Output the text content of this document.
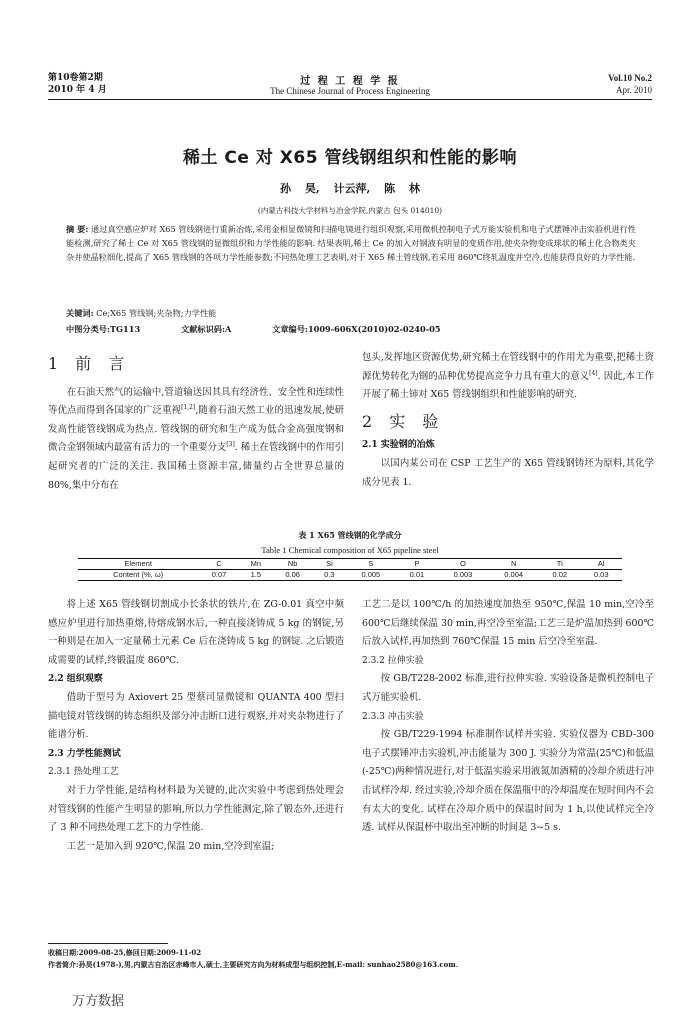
第10卷第2期
2010 年 4 月
过 程 工 程 学 报
The Chinese Journal of Process Engineering
Vol.10 No.2
Apr. 2010
稀土 Ce 对 X65 管线钢组织和性能的影响
孙 昊, 计云萍, 陈 林
(内蒙古科技大学材料与冶金学院,内蒙古 包头 014010)
摘 要: 通过真空感应炉对 X65 管线钢进行重新冶炼,采用金相显微镜和扫描电镜进行组织观察,采用微机控制电子式万能实验机和电子式摆锤冲击实验机进行性能检测,研究了稀土 Ce 对 X65 管线钢的显微组织和力学性能的影响. 结果表明,稀土 Ce 的加入对钢液有明显的变质作用,使夹杂物变成球状的稀土化合物类夹杂并使晶粒细化,提高了 X65 管线钢的各项力学性能参数;不同热处理工艺表明,对于 X65 稀土管线钢,若采用 860℃终轧温度并空冷,也能获得良好的力学性能.
关键词: Ce;X65 管线钢;夹杂物;力学性能
中图分类号:TG113	文献标识码:A	文章编号:1009-606X(2010)02-0240-05
1 前 言

在石油天然气的运输中,管道输送因其具有经济性、安全性和连续性等优点而得到各国家的广泛重视[1,2],随着石油天然工业的迅速发展,使研发高性能管线钢成为热点. 管线钢的研究和生产成为低合金高强度钢和微合金钢领域内最富有活力的一个重要分支[3]. 稀土在管线钢中的作用引起研究者的广泛的关注. 我国稀土资源丰富,储量约占全世界总量的 80%,集中分布在

包头,发挥地区资源优势,研究稀土在管线钢中的作用尤为重要,把稀土资源优势转化为钢的品种优势提高竞争力具有重大的意义[4]. 因此,本工作开展了稀土铈对 X65 管线钢组织和性能影响的研究.

2 实 验
2.1 实验钢的冶炼

以国内某公司在 CSP 工艺生产的 X65 管线钢铸坯为原料,其化学成分见表 1.

表 1 X65 管线钢的化学成分
Table 1 Chemical composition of X65 pipeline steel
Element	C	Mn	Nb	Si	S	P	O	N	Ti	Al
Content (%, ω)	0.07	1.5	0.06	0.3	0.005	0.01	0.003	0.004	0.02	0.03

将上述 X65 管线钢切割成小长条状的铁片,在 ZG-0.01 真空中频感应炉里进行加热重熔,待熔成钢水后,一种直接浇铸成 5 kg 的钢锭,另一种则是在加入一定量稀土元素 Ce 后在浇铸成 5 kg 的钢锭. 之后锻造成需要的试样,终锻温度 860℃.

2.2 组织观察

借助于型号为 Axiovert 25 型蔡司显微镜和 QUANTA 400 型扫描电镜对管线钢的铸态组织及部分冲击断口进行观察,并对夹杂物进行了能谱分析.

2.3 力学性能测试
2.3.1 热处理工艺

对于力学性能,是结构材料最为关键的,此次实验中考虑到热处理会对管线钢的性能产生明显的影响,所以力学性能测定,除了锻态外,还进行了 3 种不同热处理工艺下的力学性能.

工艺一是加入到 920℃,保温 20 min,空冷到室温;

工艺二是以 100℃/h 的加热速度加热至 950℃,保温 10 min,空冷至 600℃后继续保温 30 min,再空冷至室温;工艺三是炉温加热到 600℃后放入试样,再加热到 760℃保温 15 min 后空冷至室温.

2.3.2 拉伸实验

按 GB/T228-2002 标准,进行拉伸实验. 实验设备是微机控制电子式万能实验机.

2.3.3 冲击实验

按 GB/T229-1994 标准制作试样并实验. 实验仪器为 CBD-300 电子式摆锤冲击实验机,冲击能量为 300 J. 实验分为常温(25℃)和低温(-25℃)两种情况进行,对于低温实验采用液氮加酒精的冷却介质进行冲击试样冷却. 经过实验,冷却介质在保温瓶中的冷却温度在短时间内不会有太大的变化. 试样在冷却介质中的保温时间为 1 h,以使试样完全冷透. 试样从保温杯中取出至冲断的时间是 3~5 s.

收稿日期:2009-08-25,修回日期:2009-11-02
作者简介:孙昊(1978-),男,内蒙古自治区赤峰市人,硕士,主要研究方向为材料成型与组织控制,E-mail: sunhao2580@163.com.
万方数据
